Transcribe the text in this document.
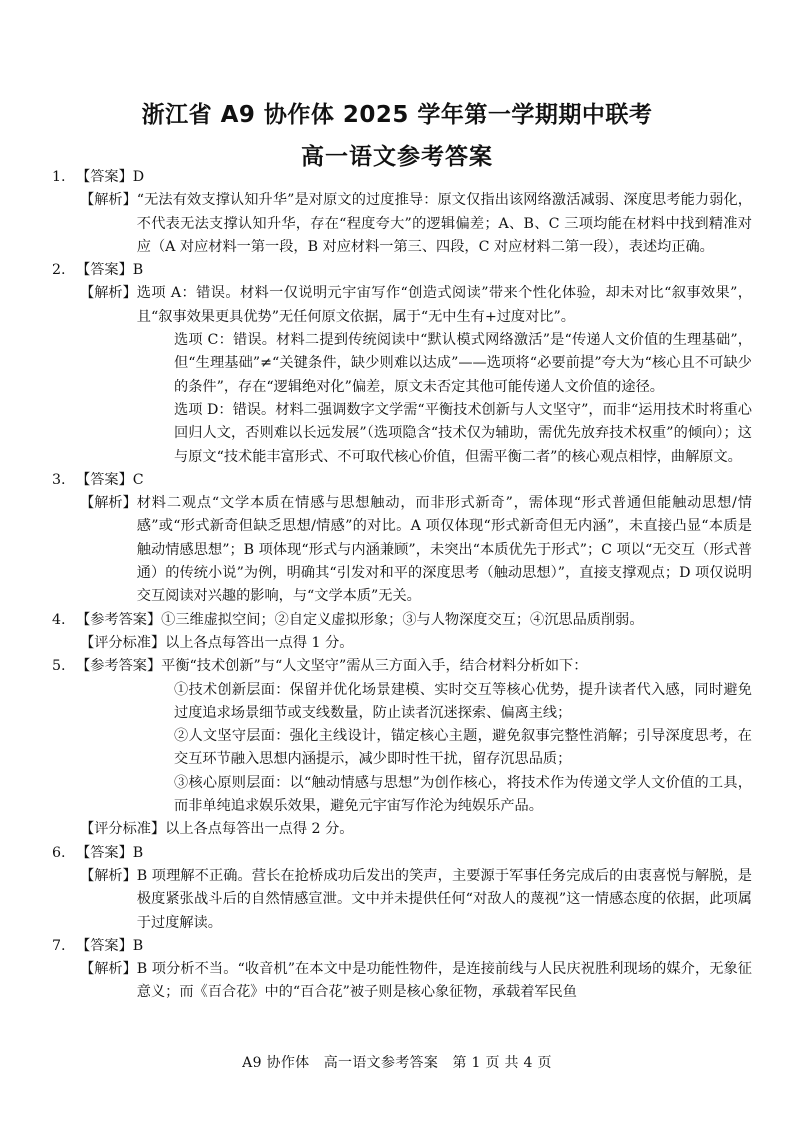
浙江省 A9 协作体 2025 学年第一学期期中联考
高一语文参考答案
1. 【答案】 D
【解析】 “无法有效支撑认知升华”是对原文的过度推导：原文仅指出该网络激活减弱、深度思考能力弱化，不代表无法支撑认知升华，存在“程度夸大”的逻辑偏差；A、B、C 三项均能在材料中找到精准对应（A 对应材料一第一段，B 对应材料一第三、四段，C 对应材料二第一段），表述均正确。
2. 【答案】 B
【解析】 选项 A：错误。材料一仅说明元宇宙写作“创造式阅读”带来个性化体验，却未对比“叙事效果”，且“叙事效果更具优势”无任何原文依据，属于“无中生有+过度对比”。
选项 C：错误。材料二提到传统阅读中“默认模式网络激活”是“传递人文价值的生理基础”，但“生理基础”≠“关键条件，缺少则难以达成”——选项将“必要前提”夸大为“核心且不可缺少的条件”，存在“逻辑绝对化”偏差，原文未否定其他可能传递人文价值的途径。
选项 D：错误。材料二强调数字文学需“平衡技术创新与人文坚守”，而非“运用技术时将重心回归人文，否则难以长远发展”（选项隐含“技术仅为辅助，需优先放弃技术权重”的倾向）；这与原文“技术能丰富形式、不可取代核心价值，但需平衡二者”的核心观点相悖，曲解原文。
3. 【答案】 C
【解析】 材料二观点“文学本质在情感与思想触动，而非形式新奇”，需体现“形式普通但能触动思想/情感”或“形式新奇但缺乏思想/情感”的对比。A 项仅体现“形式新奇但无内涵”，未直接凸显“本质是触动情感思想”；B 项体现“形式与内涵兼顾”，未突出“本质优先于形式”；C 项以“无交互（形式普通）的传统小说”为例，明确其“引发对和平的深度思考（触动思想）”，直接支撑观点；D 项仅说明交互阅读对兴趣的影响，与“文学本质”无关。
4. 【参考答案】 ①三维虚拟空间；②自定义虚拟形象；③与人物深度交互；④沉思品质削弱。
【评分标准】 以上各点每答出一点得 1 分。
5. 【参考答案】 平衡“技术创新”与“人文坚守”需从三方面入手，结合材料分析如下：
①技术创新层面：保留并优化场景建模、实时交互等核心优势，提升读者代入感，同时避免过度追求场景细节或支线数量，防止读者沉迷探索、偏离主线；
②人文坚守层面：强化主线设计，锚定核心主题，避免叙事完整性消解；引导深度思考，在交互环节融入思想内涵提示，减少即时性干扰，留存沉思品质；
③核心原则层面：以“触动情感与思想”为创作核心，将技术作为传递文学人文价值的工具，而非单纯追求娱乐效果，避免元宇宙写作沦为纯娱乐产品。
【评分标准】 以上各点每答出一点得 2 分。
6. 【答案】 B
【解析】 B 项理解不正确。营长在抢桥成功后发出的笑声，主要源于军事任务完成后的由衷喜悦与解脱，是极度紧张战斗后的自然情感宣泄。文中并未提供任何“对敌人的蔑视”这一情感态度的依据，此项属于过度解读。
7. 【答案】 B
【解析】 B 项分析不当。“收音机”在本文中是功能性物件，是连接前线与人民庆祝胜利现场的媒介，无象征意义；而《百合花》中的“百合花”被子则是核心象征物，承载着军民鱼
A9 协作体　高一语文参考答案　第 1 页 共 4 页
